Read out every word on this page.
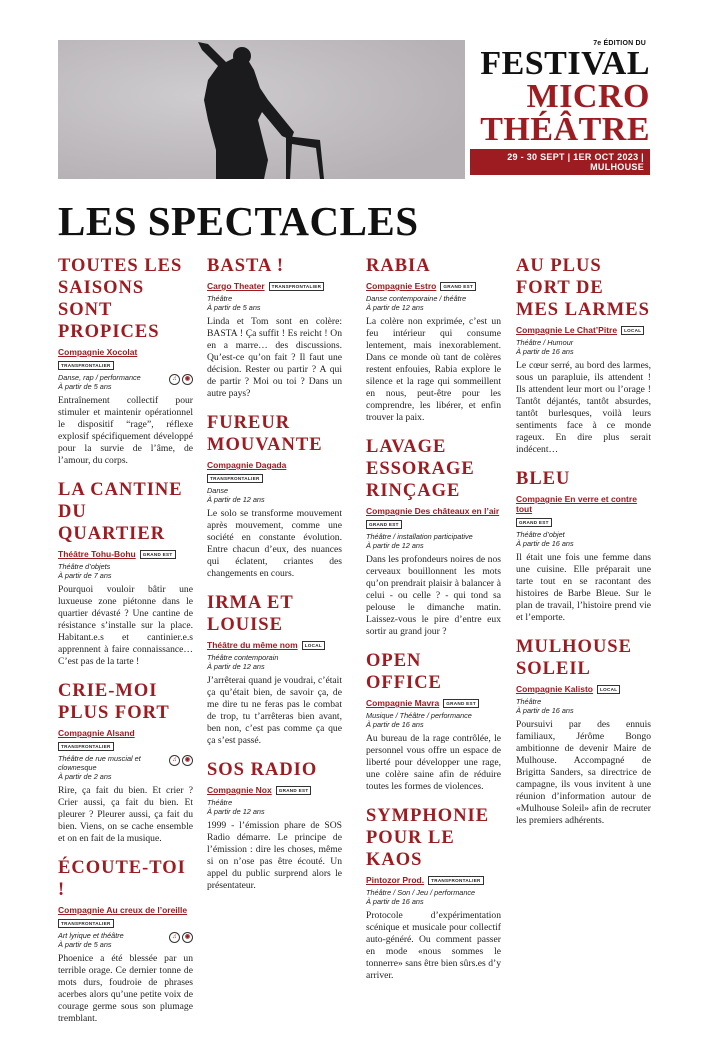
7e ÉDITION DU
FESTIVAL
MICRO
THÉÂTRE
29 - 30 SEPT | 1ER OCT 2023 | MULHOUSE
LES SPECTACLES
TOUTES LES SAISONS SONT PROPICES
Compagnie Xocolat
TRANSFRONTALIER
Danse, rap / performance
À partir de 5 ans
♫	◉

Entraînement collectif pour stimuler et maintenir opérationnel le dispositif “rage”, réflexe explosif spécifiquement développé pour la survie de l’âme, de l’amour, du corps.

LA CANTINE DU QUARTIER
Théâtre Tohu-Bohu	GRAND EST
Théâtre d’objets
À partir de 7 ans

Pourquoi vouloir bâtir une luxueuse zone piétonne dans le quartier dévasté ? Une cantine de résistance s’installe sur la place. Habitant.e.s et cantinier.e.s apprennent à faire connaissance… C’est pas de la tarte !

CRIE-MOI PLUS FORT
Compagnie Alsand
TRANSFRONTALIER
Théâtre de rue muscial et clownesque
À partir de 2 ans
♫	◉

Rire, ça fait du bien. Et crier ? Crier aussi, ça fait du bien. Et pleurer ? Pleurer aussi, ça fait du bien. Viens, on se cache ensemble et on en fait de la musique.

ÉCOUTE-TOI !
Compagnie Au creux de l’oreille
TRANSFRONTALIER
Art lyrique et théâtre
À partir de 5 ans
♫	◉

Phoenice a été blessée par un terrible orage. Ce dernier tonne de mots durs, foudroie de phrases acerbes alors qu’une petite voix de courage germe sous son plumage tremblant.

BASTA !
Cargo Theater	TRANSFRONTALIER
Théâtre
À partir de 5 ans

Linda et Tom sont en colère: BASTA ! Ça suffit ! Es reicht ! On en a marre… des discussions. Qu’est-ce qu’on fait ? Il faut une décision. Rester ou partir ? A qui de partir ? Moi ou toi ? Dans un autre pays?

FUREUR MOUVANTE
Compagnie Dagada
TRANSFRONTALIER
Danse
À partir de 12 ans

Le solo se transforme mouvement après mouvement, comme une société en constante évolution. Entre chacun d’eux, des nuances qui éclatent, criantes des changements en cours.

IRMA ET LOUISE
Théâtre du même nom	LOCAL
Théâtre contemporain
À partir de 12 ans

J’arrêterai quand je voudrai, c’était ça qu’était bien, de savoir ça, de me dire tu ne feras pas le combat de trop, tu t’arrêteras bien avant, ben non, c’est pas comme ça que ça s’est passé.

SOS RADIO
Compagnie Nox	GRAND EST
Théâtre
À partir de 12 ans

1999 - l’émission phare de SOS Radio démarre. Le principe de l’émission : dire les choses, même si on n’ose pas être écouté. Un appel du public surprend alors le présentateur.

RABIA
Compagnie Estro	GRAND EST
Danse contemporaine / théâtre
À partir de 12 ans

La colère non exprimée, c’est un feu intérieur qui consume lentement, mais inexorablement. Dans ce monde où tant de colères restent enfouies, Rabia explore le silence et la rage qui sommeillent en nous, peut-être pour les comprendre, les libérer, et enfin trouver la paix.

LAVAGE ESSORAGE RINÇAGE
Compagnie Des châteaux en l’air
GRAND EST
Théâtre / installation participative
À partir de 12 ans

Dans les profondeurs noires de nos cerveaux bouillonnent les mots qu’on prendrait plaisir à balancer à celui - ou celle ? - qui tond sa pelouse le dimanche matin. Laissez-vous le pire d’entre eux sortir au grand jour ?

OPEN OFFICE
Compagnie Mavra	GRAND EST
Musique / Théâtre / performance
À partir de 16 ans

Au bureau de la rage contrôlée, le personnel vous offre un espace de liberté pour développer une rage, une colère saine afin de réduire toutes les formes de violences.

SYMPHONIE POUR LE KAOS
Pintozor Prod.	TRANSFRONTALIER
Théâtre / Son / Jeu / performance
À partir de 16 ans

Protocole d’expérimentation scénique et musicale pour collectif auto-généré. Ou comment passer en mode «nous sommes le tonnerre» sans être bien sûrs.es d’y arriver.

AU PLUS FORT DE MES LARMES
Compagnie Le Chat’Pitre	LOCAL
Théâtre / Humour
À partir de 16 ans

Le cœur serré, au bord des larmes, sous un parapluie, ils attendent ! Ils attendent leur mort ou l’orage ! Tantôt déjantés, tantôt absurdes, tantôt burlesques, voilà leurs sentiments face à ce monde rageux. En dire plus serait indécent…

BLEU
Compagnie En verre et contre tout
GRAND EST
Théâtre d’objet
À partir de 16 ans

Il était une fois une femme dans une cuisine. Elle préparait une tarte tout en se racontant des histoires de Barbe Bleue. Sur le plan de travail, l’histoire prend vie et l’emporte.

MULHOUSE SOLEIL
Compagnie Kalisto	LOCAL
Théâtre
À partir de 16 ans

Poursuivi par des ennuis familiaux, Jérôme Bongo ambitionne de devenir Maire de Mulhouse. Accompagné de Brigitta Sanders, sa directrice de campagne, ils vous invitent à une réunion d’information autour de «Mulhouse Soleil» afin de recruter les premiers adhérents.
